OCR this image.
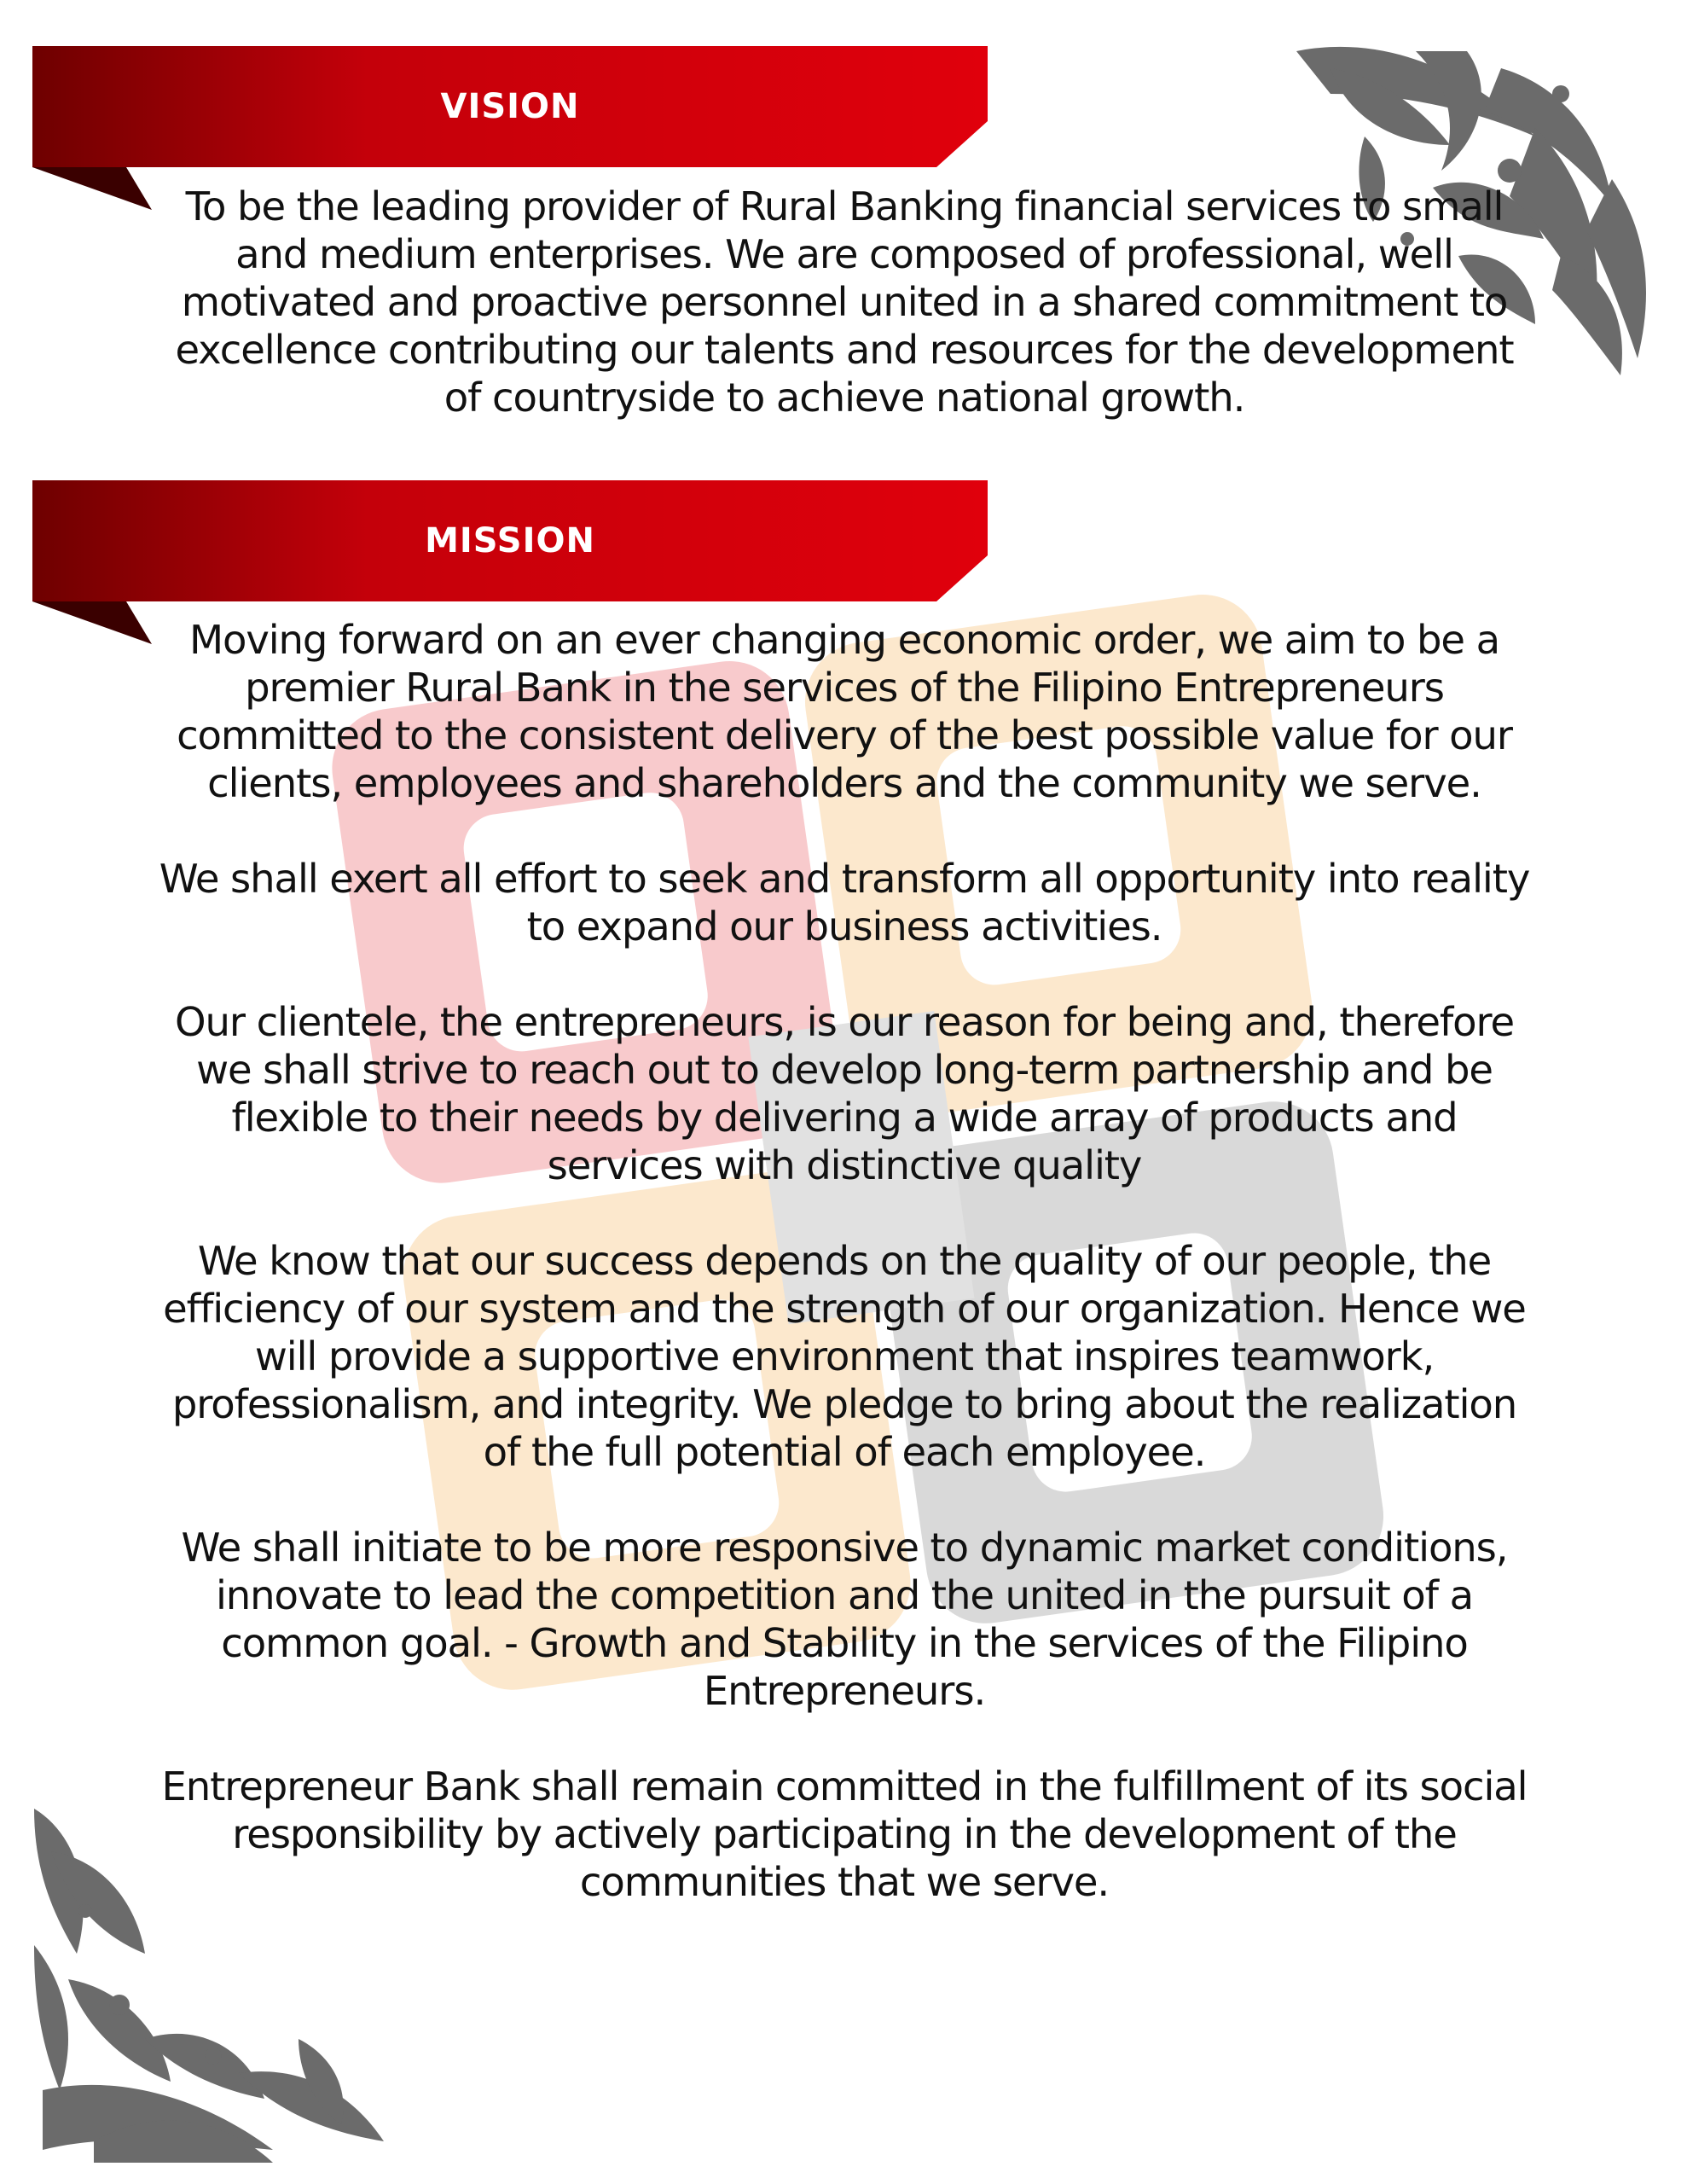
VISION

To be the leading provider of Rural Banking financial services to small and medium enterprises. We are composed of professional, well motivated and proactive personnel united in a shared commitment to excellence contributing our talents and resources for the development of countryside to achieve national growth.

MISSION

Moving forward on an ever changing economic order, we aim to be a premier Rural Bank in the services of the Filipino Entrepreneurs committed to the consistent delivery of the best possible value for our clients, employees and shareholders and the community we serve.

We shall exert all effort to seek and transform all opportunity into reality to expand our business activities.

Our clientele, the entrepreneurs, is our reason for being and, therefore we shall strive to reach out to develop long-term partnership and be flexible to their needs by delivering a wide array of products and services with distinctive quality

We know that our success depends on the quality of our people, the efficiency of our system and the strength of our organization. Hence we will provide a supportive environment that inspires teamwork, professionalism, and integrity. We pledge to bring about the realization of the full potential of each employee.

We shall initiate to be more responsive to dynamic market conditions, innovate to lead the competition and the united in the pursuit of a common goal. - Growth and Stability in the services of the Filipino Entrepreneurs.

Entrepreneur Bank shall remain committed in the fulfillment of its social responsibility by actively participating in the development of the communities that we serve.
